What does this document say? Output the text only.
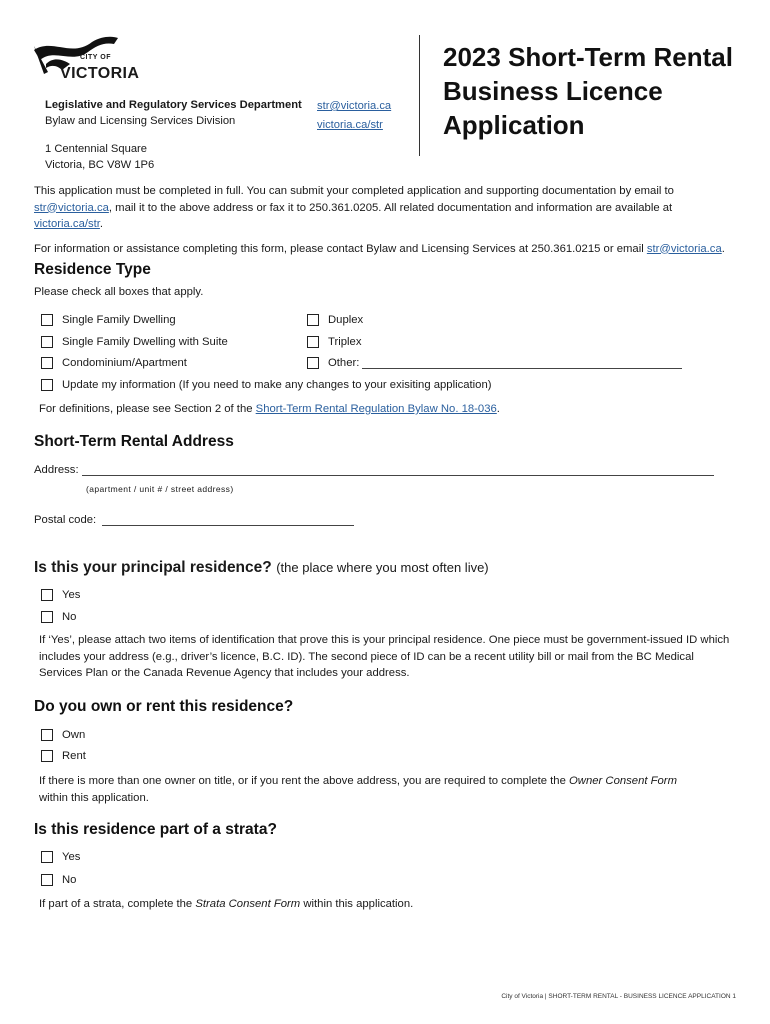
CITY OF
VICTORIA
Legislative and Regulatory Services Department
Bylaw and Licensing Services Division
1 Centennial Square
Victoria, BC V8W 1P6
str@victoria.ca
victoria.ca/str
2023 Short-Term Rental Business Licence Application

This application must be completed in full. You can submit your completed application and supporting documentation by email to str@victoria.ca, mail it to the above address or fax it to 250.361.0205. All related documentation and information are available at victoria.ca/str.

For information or assistance completing this form, please contact Bylaw and Licensing Services at 250.361.0215 or email str@victoria.ca.

Residence Type
Please check all boxes that apply.
Single Family Dwelling
Single Family Dwelling with Suite
Condominium/Apartment
Duplex
Triplex
Other:
Update my information (If you need to make any changes to your exisiting application)
For definitions, please see Section 2 of the Short-Term Rental Regulation Bylaw No. 18-036.
Short-Term Rental Address
Address:
(apartment / unit # / street address)
Postal code:
Is this your principal residence? (the place where you most often live)
Yes
No
If ‘Yes’, please attach two items of identification that prove this is your principal residence. One piece must be government-issued ID which includes your address (e.g., driver’s licence, B.C. ID). The second piece of ID can be a recent utility bill or mail from the BC Medical Services Plan or the Canada Revenue Agency that includes your address.
Do you own or rent this residence?
Own
Rent
If there is more than one owner on title, or if you rent the above address, you are required to complete the Owner Consent Form within this application.
Is this residence part of a strata?
Yes
No
If part of a strata, complete the Strata Consent Form within this application.
City of Victoria | SHORT-TERM RENTAL - BUSINESS LICENCE APPLICATION 1
